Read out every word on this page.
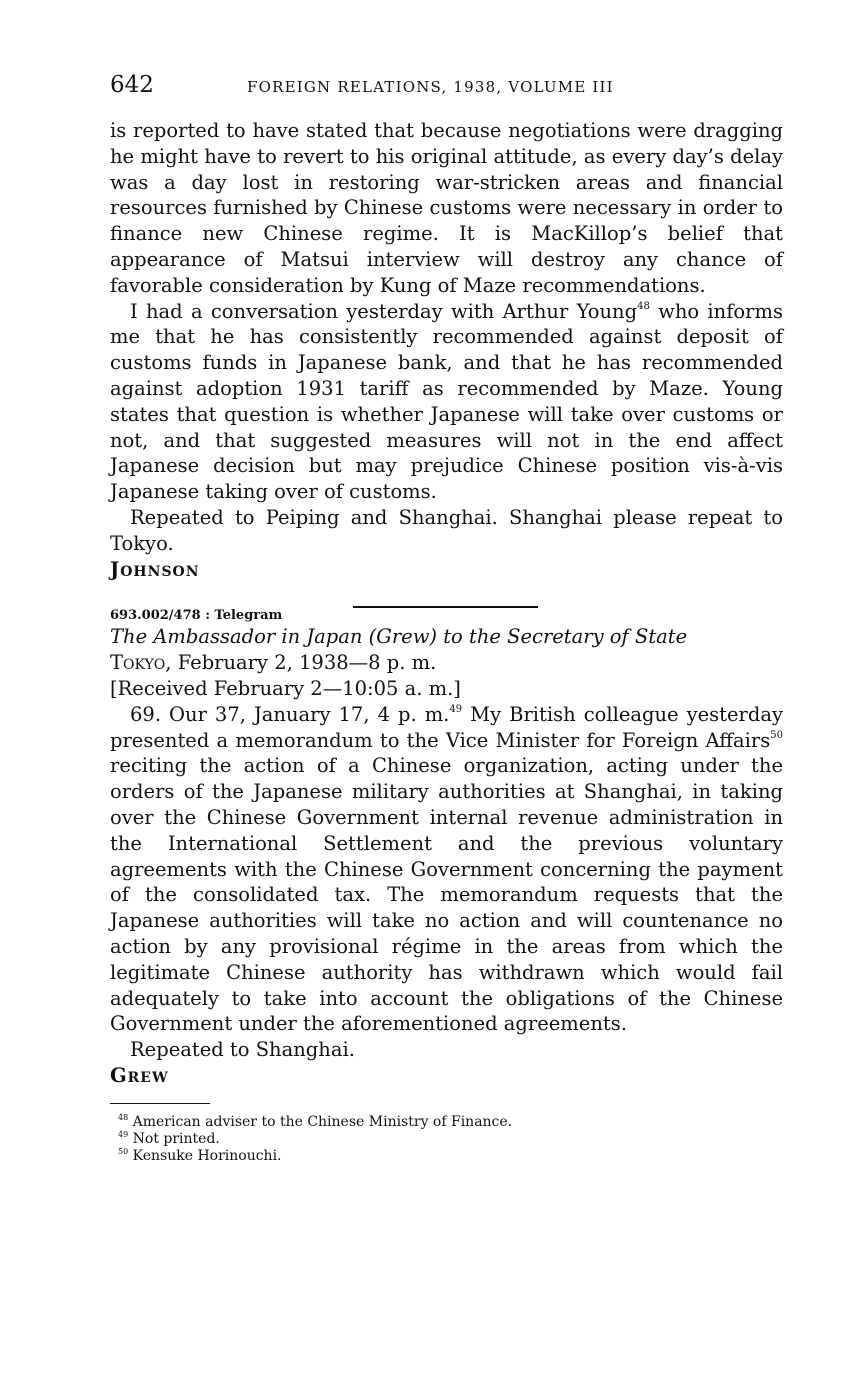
642	FOREIGN RELATIONS, 1938, VOLUME III

is reported to have stated that because negotiations were dragging he might have to revert to his original attitude, as every day’s delay was a day lost in restoring war-stricken areas and financial resources furnished by Chinese customs were necessary in order to finance new Chinese regime. It is MacKillop’s belief that appearance of Matsui interview will destroy any chance of favorable consideration by Kung of Maze recommendations.

I had a conversation yesterday with Arthur Young$^{48}$ who informs me that he has consistently recommended against deposit of customs funds in Japanese bank, and that he has recommended against adoption 1931 tariff as recommended by Maze. Young states that question is whether Japanese will take over customs or not, and that suggested measures will not in the end affect Japanese decision but may prejudice Chinese position vis-à-vis Japanese taking over of customs.

Repeated to Peiping and Shanghai. Shanghai please repeat to Tokyo.

Johnson

693.002/478 : Telegram

The Ambassador in Japan (Grew) to the Secretary of State

Tokyo, February 2, 1938—8 p. m.

[Received February 2—10:05 a. m.]

69. Our 37, January 17, 4 p. m.$^{49}$ My British colleague yesterday presented a memorandum to the Vice Minister for Foreign Affairs$^{50}$ reciting the action of a Chinese organization, acting under the orders of the Japanese military authorities at Shanghai, in taking over the Chinese Government internal revenue administration in the International Settlement and the previous voluntary agreements with the Chinese Government concerning the payment of the consolidated tax. The memorandum requests that the Japanese authorities will take no action and will countenance no action by any provisional régime in the areas from which the legitimate Chinese authority has withdrawn which would fail adequately to take into account the obligations of the Chinese Government under the aforementioned agreements.

Repeated to Shanghai.

Grew

$^{48}$ American adviser to the Chinese Ministry of Finance.

$^{49}$ Not printed.

$^{50}$ Kensuke Horinouchi.
